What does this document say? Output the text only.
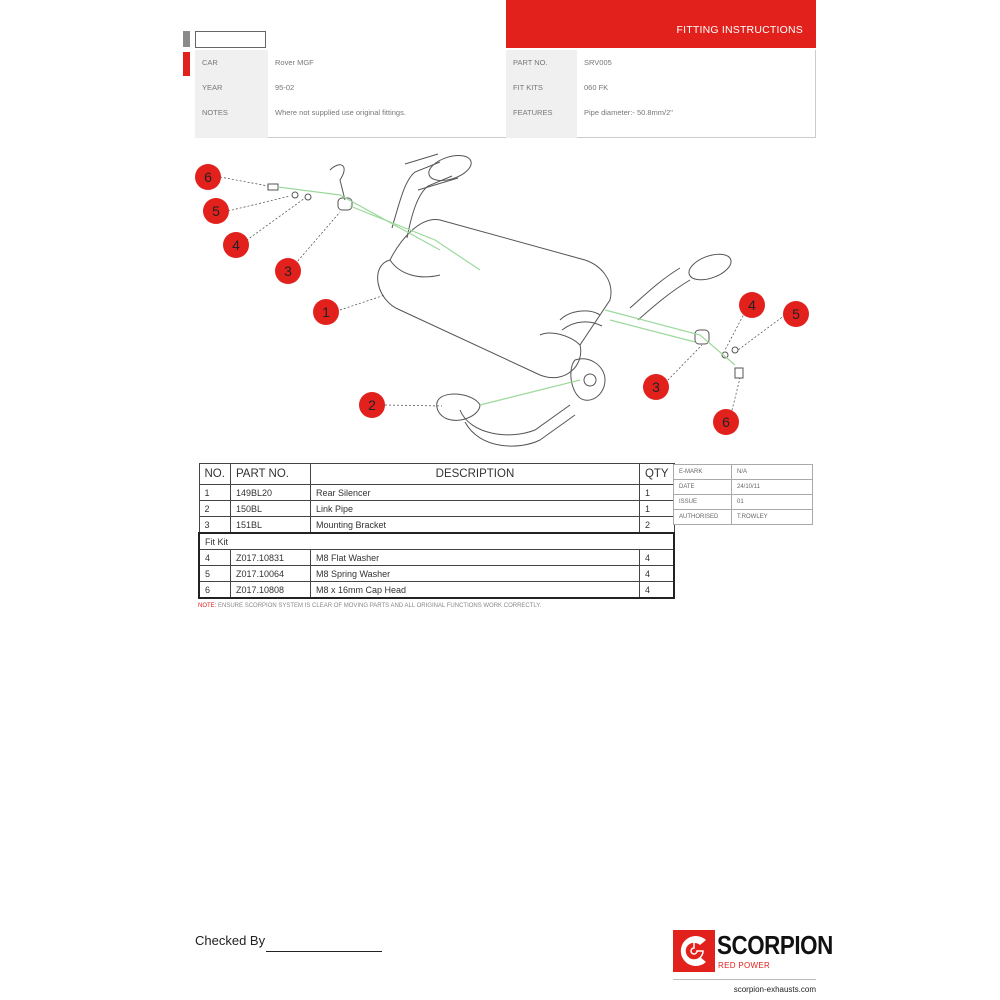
FITTING INSTRUCTIONS
CAR	Rover MGF	PART NO.	SRV005
YEAR	95-02	FIT KITS	060 FK
NOTES	Where not supplied use original fittings.	FEATURES	Pipe diameter:- 50.8mm/2"
6
5
4
3
1
2
4
5
3
6
NO.	PART NO.	DESCRIPTION	QTY
1	149BL20	Rear Silencer	1
2	150BL	Link Pipe	1
3	151BL	Mounting Bracket	2
Fit Kit			
4	Z017.10831	M8 Flat Washer	4
5	Z017.10064	M8 Spring Washer	4
6	Z017.10808	M8 x 16mm Cap Head	4
NOTE: ENSURE SCORPION SYSTEM IS CLEAR OF MOVING PARTS AND ALL ORIGINAL FUNCTIONS WORK CORRECTLY.
E-MARK	N/A
DATE	24/10/11
ISSUE	01
AUTHORISED	T.ROWLEY
Checked By	SCORPION
RED POWER
scorpion-exhausts.com
